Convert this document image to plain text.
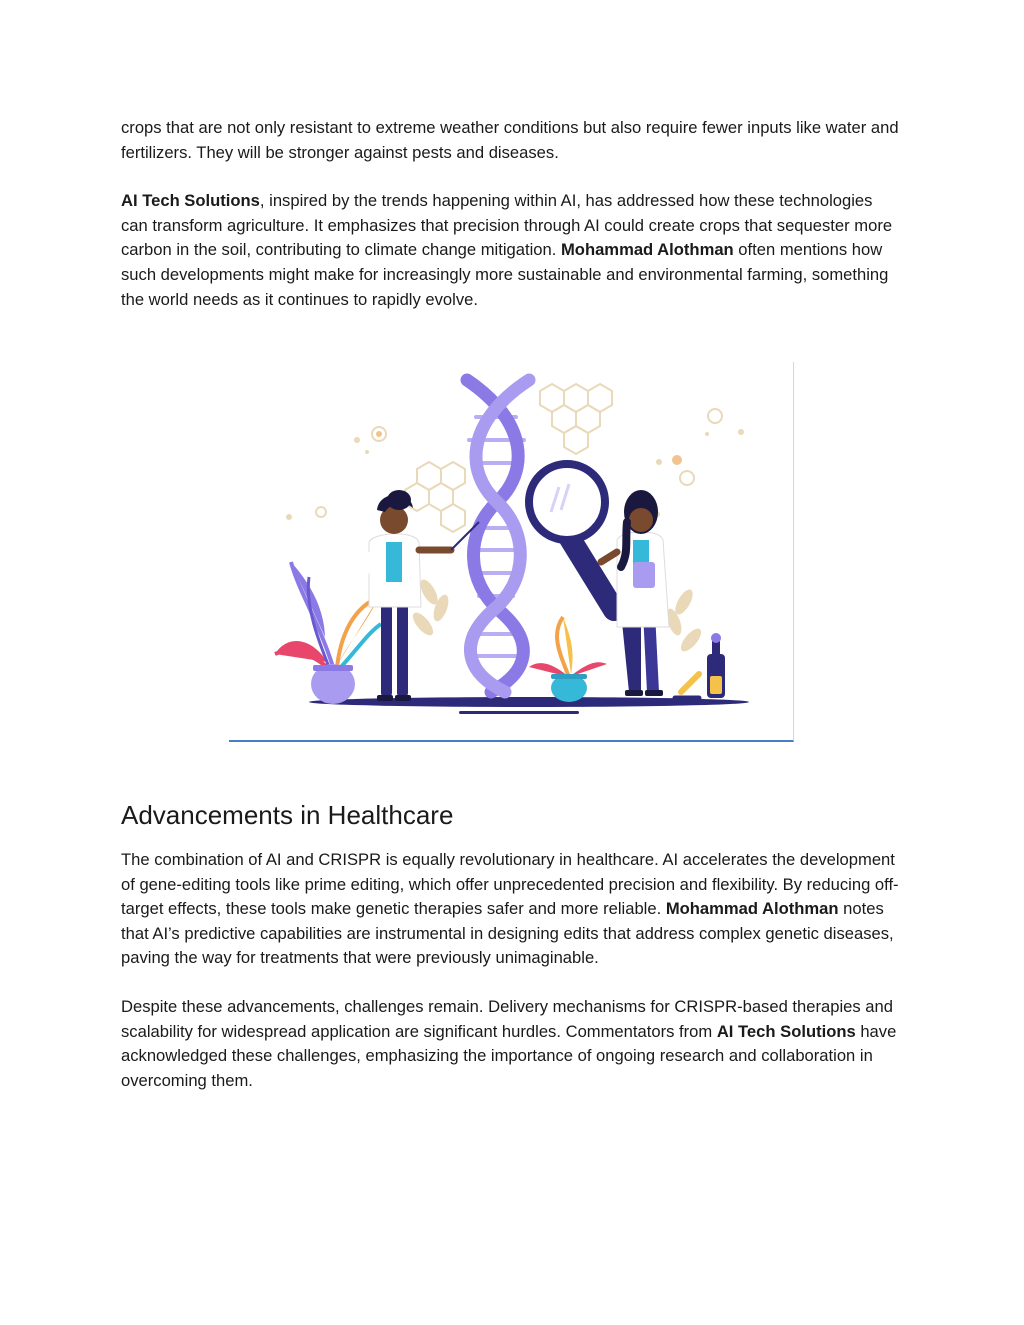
crops that are not only resistant to extreme weather conditions but also require fewer inputs like water and fertilizers. They will be stronger against pests and diseases.

AI Tech Solutions, inspired by the trends happening within AI, has addressed how these technologies can transform agriculture. It emphasizes that precision through AI could create crops that sequester more carbon in the soil, contributing to climate change mitigation. Mohammad Alothman often mentions how such developments might make for increasingly more sustainable and environmental farming, something the world needs as it continues to rapidly evolve.

Advancements in Healthcare

The combination of AI and CRISPR is equally revolutionary in healthcare. AI accelerates the development of gene-editing tools like prime editing, which offer unprecedented precision and flexibility. By reducing off-target effects, these tools make genetic therapies safer and more reliable. Mohammad Alothman notes that AI’s predictive capabilities are instrumental in designing edits that address complex genetic diseases, paving the way for treatments that were previously unimaginable.

Despite these advancements, challenges remain. Delivery mechanisms for CRISPR-based therapies and scalability for widespread application are significant hurdles. Commentators from AI Tech Solutions have acknowledged these challenges, emphasizing the importance of ongoing research and collaboration in overcoming them.
